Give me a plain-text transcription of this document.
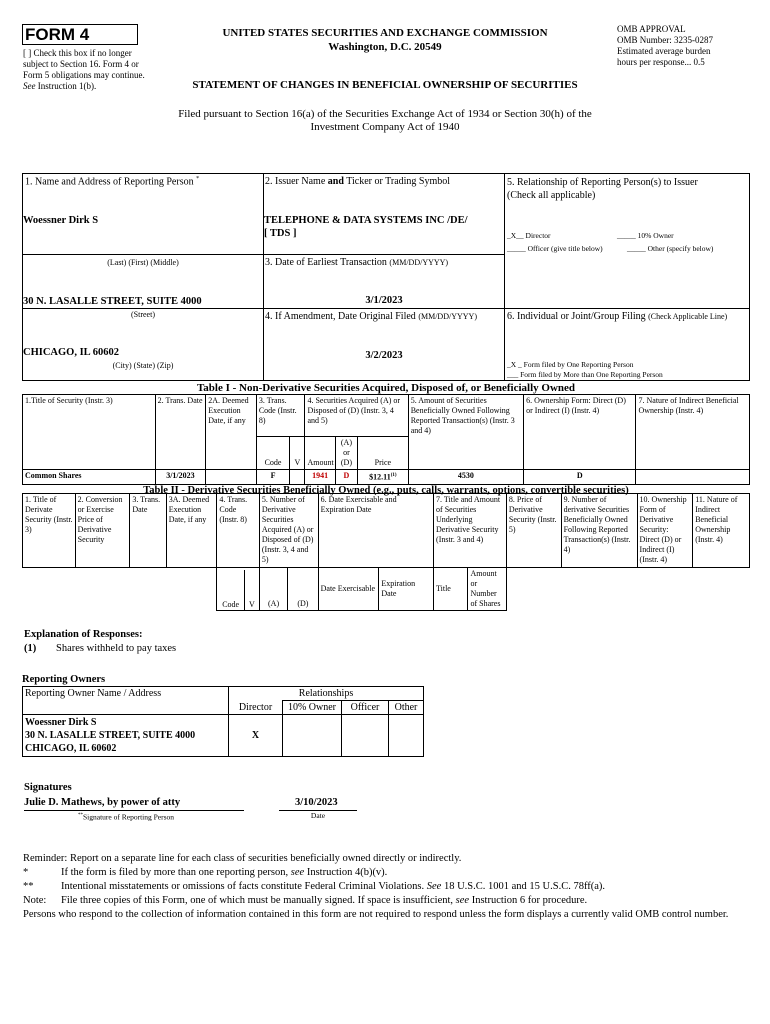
FORM 4
[ ] Check this box if no longer subject to Section 16. Form 4 or Form 5 obligations may continue. See Instruction 1(b).
UNITED STATES SECURITIES AND EXCHANGE COMMISSION
Washington, D.C. 20549
STATEMENT OF CHANGES IN BENEFICIAL OWNERSHIP OF SECURITIES
OMB APPROVAL
OMB Number: 3235-0287
Estimated average burden
hours per response... 0.5
Filed pursuant to Section 16(a) of the Securities Exchange Act of 1934 or Section 30(h) of the
Investment Company Act of 1940
1. Name and Address of Reporting Person *
Woessner Dirk S
(Last) (First) (Middle)
30 N. LASALLE STREET, SUITE 4000
(Street)
CHICAGO, IL 60602
(City) (State) (Zip)
2. Issuer Name and Ticker or Trading Symbol
TELEPHONE & DATA SYSTEMS INC /DE/
[ TDS ]
3. Date of Earliest Transaction (MM/DD/YYYY)
3/1/2023
4. If Amendment, Date Original Filed (MM/DD/YYYY)
3/2/2023
5. Relationship of Reporting Person(s) to Issuer
(Check all applicable)
_X__ Director	_____ 10% Owner
_____ Officer (give title below)	_____ Other (specify below)
6. Individual or Joint/Group Filing (Check Applicable Line)
_X _ Form filed by One Reporting Person
___ Form filed by More than One Reporting Person
Table I - Non-Derivative Securities Acquired, Disposed of, or Beneficially Owned
1.Title of Security (Instr. 3)	2. Trans. Date	2A. Deemed Execution Date, if any	3. Trans. Code (Instr. 8)		4. Securities Acquired (A) or Disposed of (D) (Instr. 3, 4 and 5)			5. Amount of Securities Beneficially Owned Following Reported Transaction(s) (Instr. 3 and 4)	6. Ownership Form: Direct (D) or Indirect (I) (Instr. 4)	7. Nature of Indirect Beneficial Ownership (Instr. 4)
			Code	V	Amount	(A) or (D)	Price			
Common Shares	3/1/2023		F		1941	D	$12.11$^{(1)}$	4530	D	
Table II - Derivative Securities Beneficially Owned (e.g., puts, calls, warrants, options, convertible securities)
1. Title of Derivate Security (Instr. 3)	2. Conversion or Exercise Price of Derivative Security	3. Trans. Date	3A. Deemed Execution Date, if any	4. Trans. Code (Instr. 8)	5. Number of Derivative Securities Acquired (A) or Disposed of (D) (Instr. 3, 4 and 5)		6. Date Exercisable and Expiration Date		7. Title and Amount of Securities Underlying Derivative Security (Instr. 3 and 4)		8. Price of Derivative Security (Instr. 5)	9. Number of derivative Securities Beneficially Owned Following Reported Transaction(s) (Instr. 4)	10. Ownership Form of Derivative Security: Direct (D) or Indirect (I) (Instr. 4)	11. Nature of Indirect Beneficial Ownership (Instr. 4)

				Code V	(A)	(D)	Date Exercisable	Expiration Date	Title	Amount or Number of Shares				
Explanation of Responses:
(1) Shares withheld to pay taxes
Reporting Owners
Reporting Owner Name / Address	Relationships			
	Director	10% Owner	Officer	Other

Woessner Dirk S
30 N. LASALLE STREET, SUITE 4000
CHICAGO, IL 60602	X			
Signatures
Julie D. Mathews, by power of atty
**Signature of Reporting Person
3/10/2023
Date
Reminder: Report on a separate line for each class of securities beneficially owned directly or indirectly.
*	If the form is filed by more than one reporting person, see Instruction 4(b)(v).
**	Intentional misstatements or omissions of facts constitute Federal Criminal Violations. See 18 U.S.C. 1001 and 15 U.S.C. 78ff(a).
Note:	File three copies of this Form, one of which must be manually signed. If space is insufficient, see Instruction 6 for procedure.
Persons who respond to the collection of information contained in this form are not required to respond unless the form displays a currently valid OMB control number.
